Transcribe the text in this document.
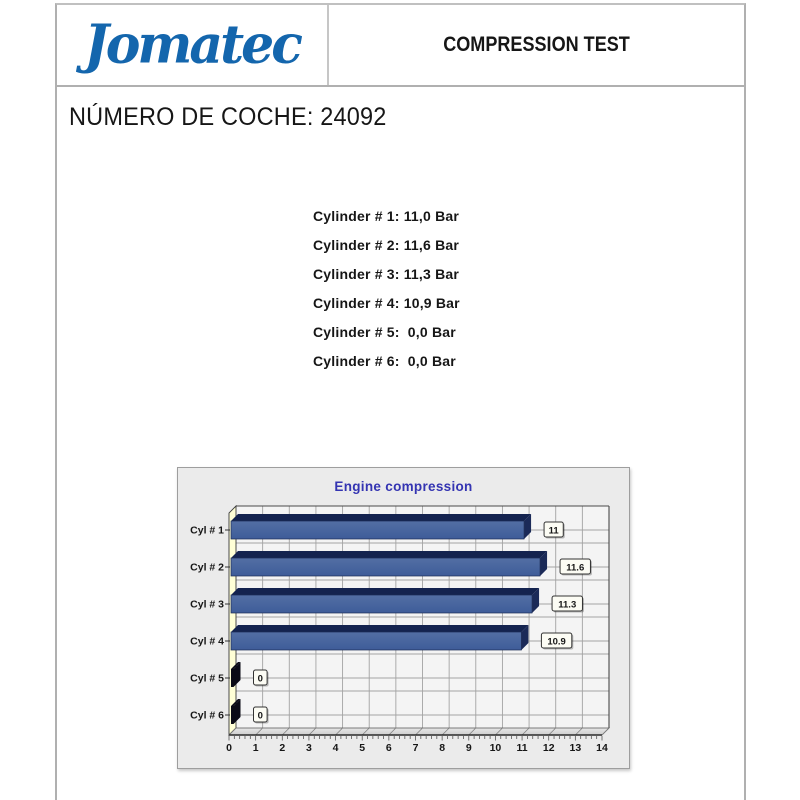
Jomatec	COMPRESSION TEST
NÚMERO DE COCHE: 24092
Cylinder # 1: 11,0 Bar
Cylinder # 2: 11,6 Bar
Cylinder # 3: 11,3 Bar
Cylinder # 4: 10,9 Bar
Cylinder # 5:  0,0 Bar
Cylinder # 6:  0,0 Bar
Engine compression
0 1 2 3 4 5 6 7 8 9 10 11 12 13 14
11
Cyl # 1
11.6
Cyl # 2
11.3
Cyl # 3
10.9
Cyl # 4
0
Cyl # 5
0
Cyl # 6
